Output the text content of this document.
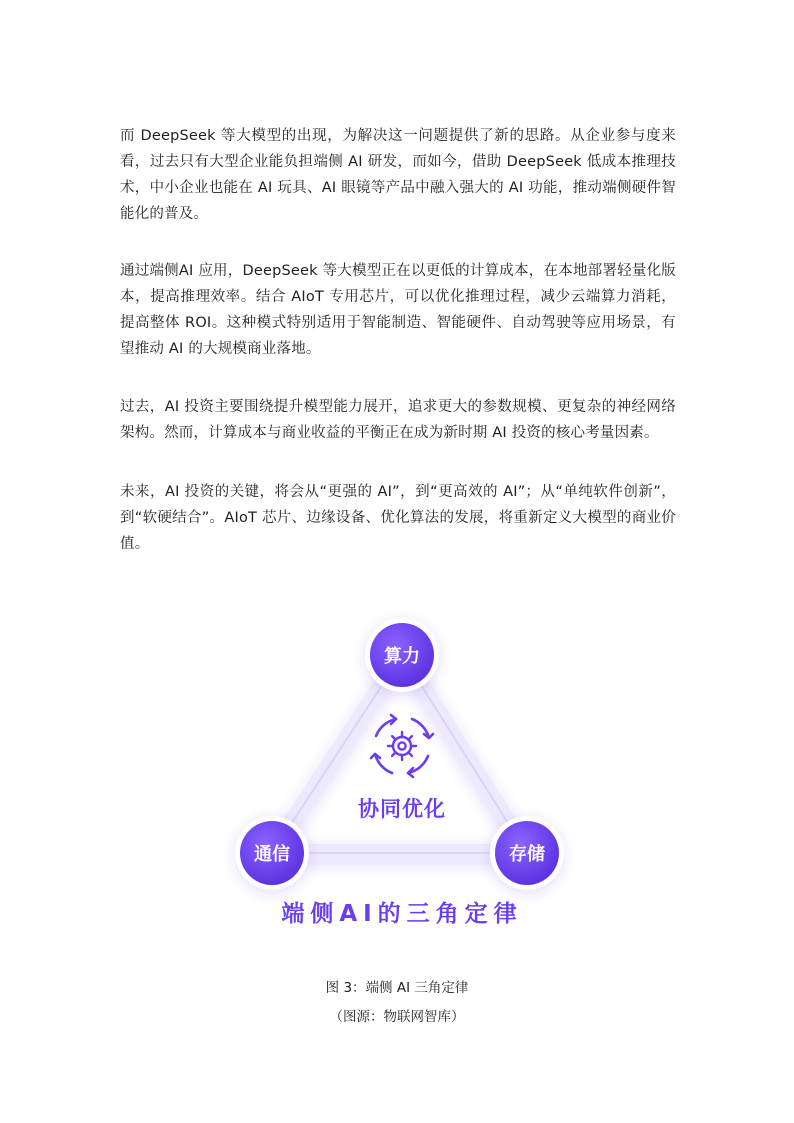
而 DeepSeek 等大模型的出现，为解决这一问题提供了新的思路。从企业参与度来看，过去只有大型企业能负担端侧 AI 研发，而如今，借助 DeepSeek 低成本推理技术，中小企业也能在 AI 玩具、AI 眼镜等产品中融入强大的 AI 功能，推动端侧硬件智能化的普及。

通过端侧AI 应用，DeepSeek 等大模型正在以更低的计算成本，在本地部署轻量化版本，提高推理效率。结合 AIoT 专用芯片，可以优化推理过程，减少云端算力消耗，提高整体 ROI。这种模式特别适用于智能制造、智能硬件、自动驾驶等应用场景，有望推动 AI 的大规模商业落地。

过去，AI 投资主要围绕提升模型能力展开，追求更大的参数规模、更复杂的神经网络架构。然而，计算成本与商业收益的平衡正在成为新时期 AI 投资的核心考量因素。

未来，AI 投资的关键，将会从“更强的 AI”，到“更高效的 AI”；从“单纯软件创新”，到“软硬结合”。AIoT 芯片、边缘设备、优化算法的发展，将重新定义大模型的商业价值。

协同优化
算力
通信	存储
端侧AI的三角定律

图 3：端侧 AI 三角定律

（图源：物联网智库）
